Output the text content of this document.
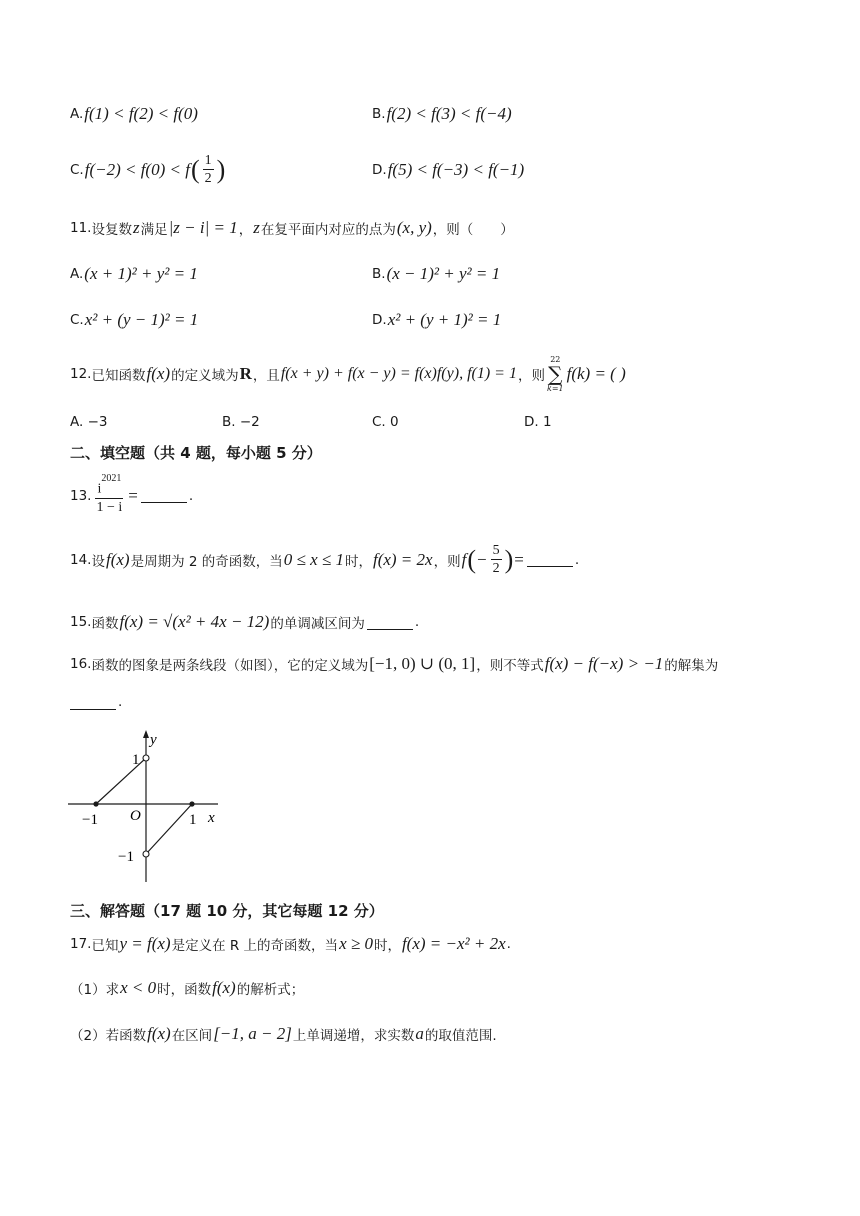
A. f(1) < f(2) < f(0)	B. f(2) < f(3) < f(−4)
C. f(−2) < f(0) < f ( $\frac{1}{2}$ )	D. f(5) < f(−3) < f(−1)
11. 设复数 z 满足 |z − i| = 1 ， z 在复平面内对应的点为 (x, y) ，则（　　）
A. (x + 1)² + y² = 1	B. (x − 1)² + y² = 1
C. x² + (y − 1)² = 1	D. x² + (y + 1)² = 1
12. 已知函数 f(x) 的定义域为 R ，且 f(x + y) + f(x − y) = f(x)f(y), f(1) = 1 ，则
22
∑
k=1
f(k) = ( )
A. −3	B. −2	C. 0	D. 1
二、填空题（共 4 题，每小题 5 分）
13. $\frac{i^{2021}}{1 - i}$ =	.
14. 设 f(x) 是周期为 2 的奇函数，当 0 ≤ x ≤ 1 时， f(x) = 2x ，则 f ( − $\frac{5}{2}$ ) =	.
15. 函数 f(x) = √(x² + 4x − 12) 的单调减区间为	.
16. 函数的图象是两条线段（如图），它的定义域为 [−1, 0) ∪ (0, 1] ，则不等式 f(x) − f(−x) > −1 的解集为
.
y
x
O
1
−1
−1	1
三、解答题（17 题 10 分，其它每题 12 分）
17. 已知 y = f(x) 是定义在 R 上的奇函数，当 x ≥ 0 时， f(x) = −x² + 2x .
（1）求 x < 0 时，函数 f(x) 的解析式；
（2）若函数 f(x) 在区间 [−1, a − 2] 上单调递增，求实数 a 的取值范围.
